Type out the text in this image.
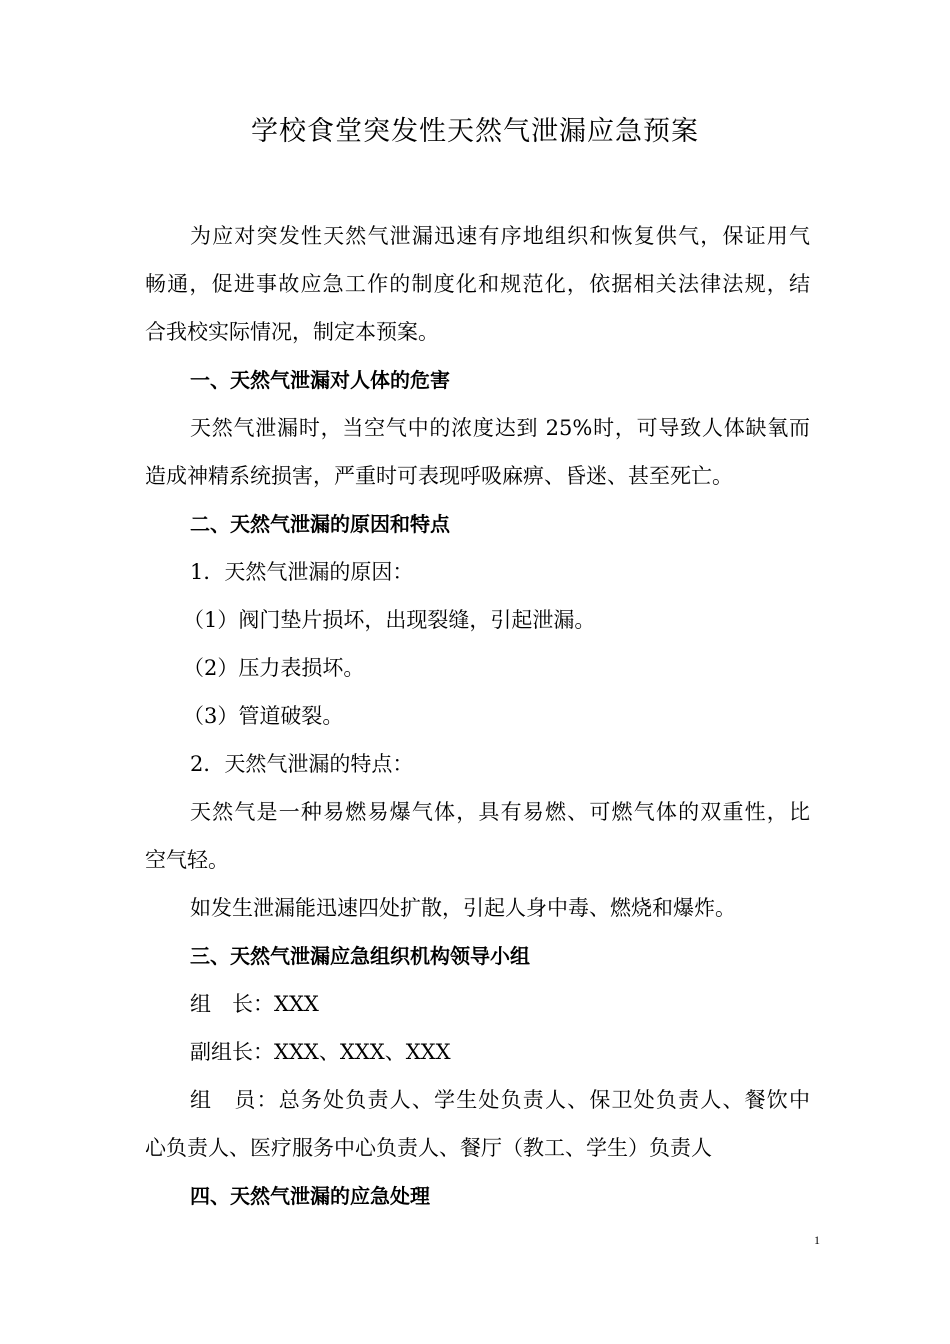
学校食堂突发性天然气泄漏应急预案
为应对突发性天然气泄漏迅速有序地组织和恢复供气，保证用气
畅通，促进事故应急工作的制度化和规范化，依据相关法律法规，结
合我校实际情况，制定本预案。
一、天然气泄漏对人体的危害
天然气泄漏时，当空气中的浓度达到 25%时，可导致人体缺氧而
造成神精系统损害，严重时可表现呼吸麻痹、昏迷、甚至死亡。
二、天然气泄漏的原因和特点
1．天然气泄漏的原因：
（1）阀门垫片损坏，出现裂缝，引起泄漏。
（2）压力表损坏。
（3）管道破裂。
2．天然气泄漏的特点：
天然气是一种易燃易爆气体，具有易燃、可燃气体的双重性，比
空气轻。
如发生泄漏能迅速四处扩散，引起人身中毒、燃烧和爆炸。
三、天然气泄漏应急组织机构领导小组
组　长：XXX
副组长：XXX、XXX、XXX
组　员：总务处负责人、学生处负责人、保卫处负责人、餐饮中
心负责人、医疗服务中心负责人、餐厅（教工、学生）负责人
四、天然气泄漏的应急处理
1
